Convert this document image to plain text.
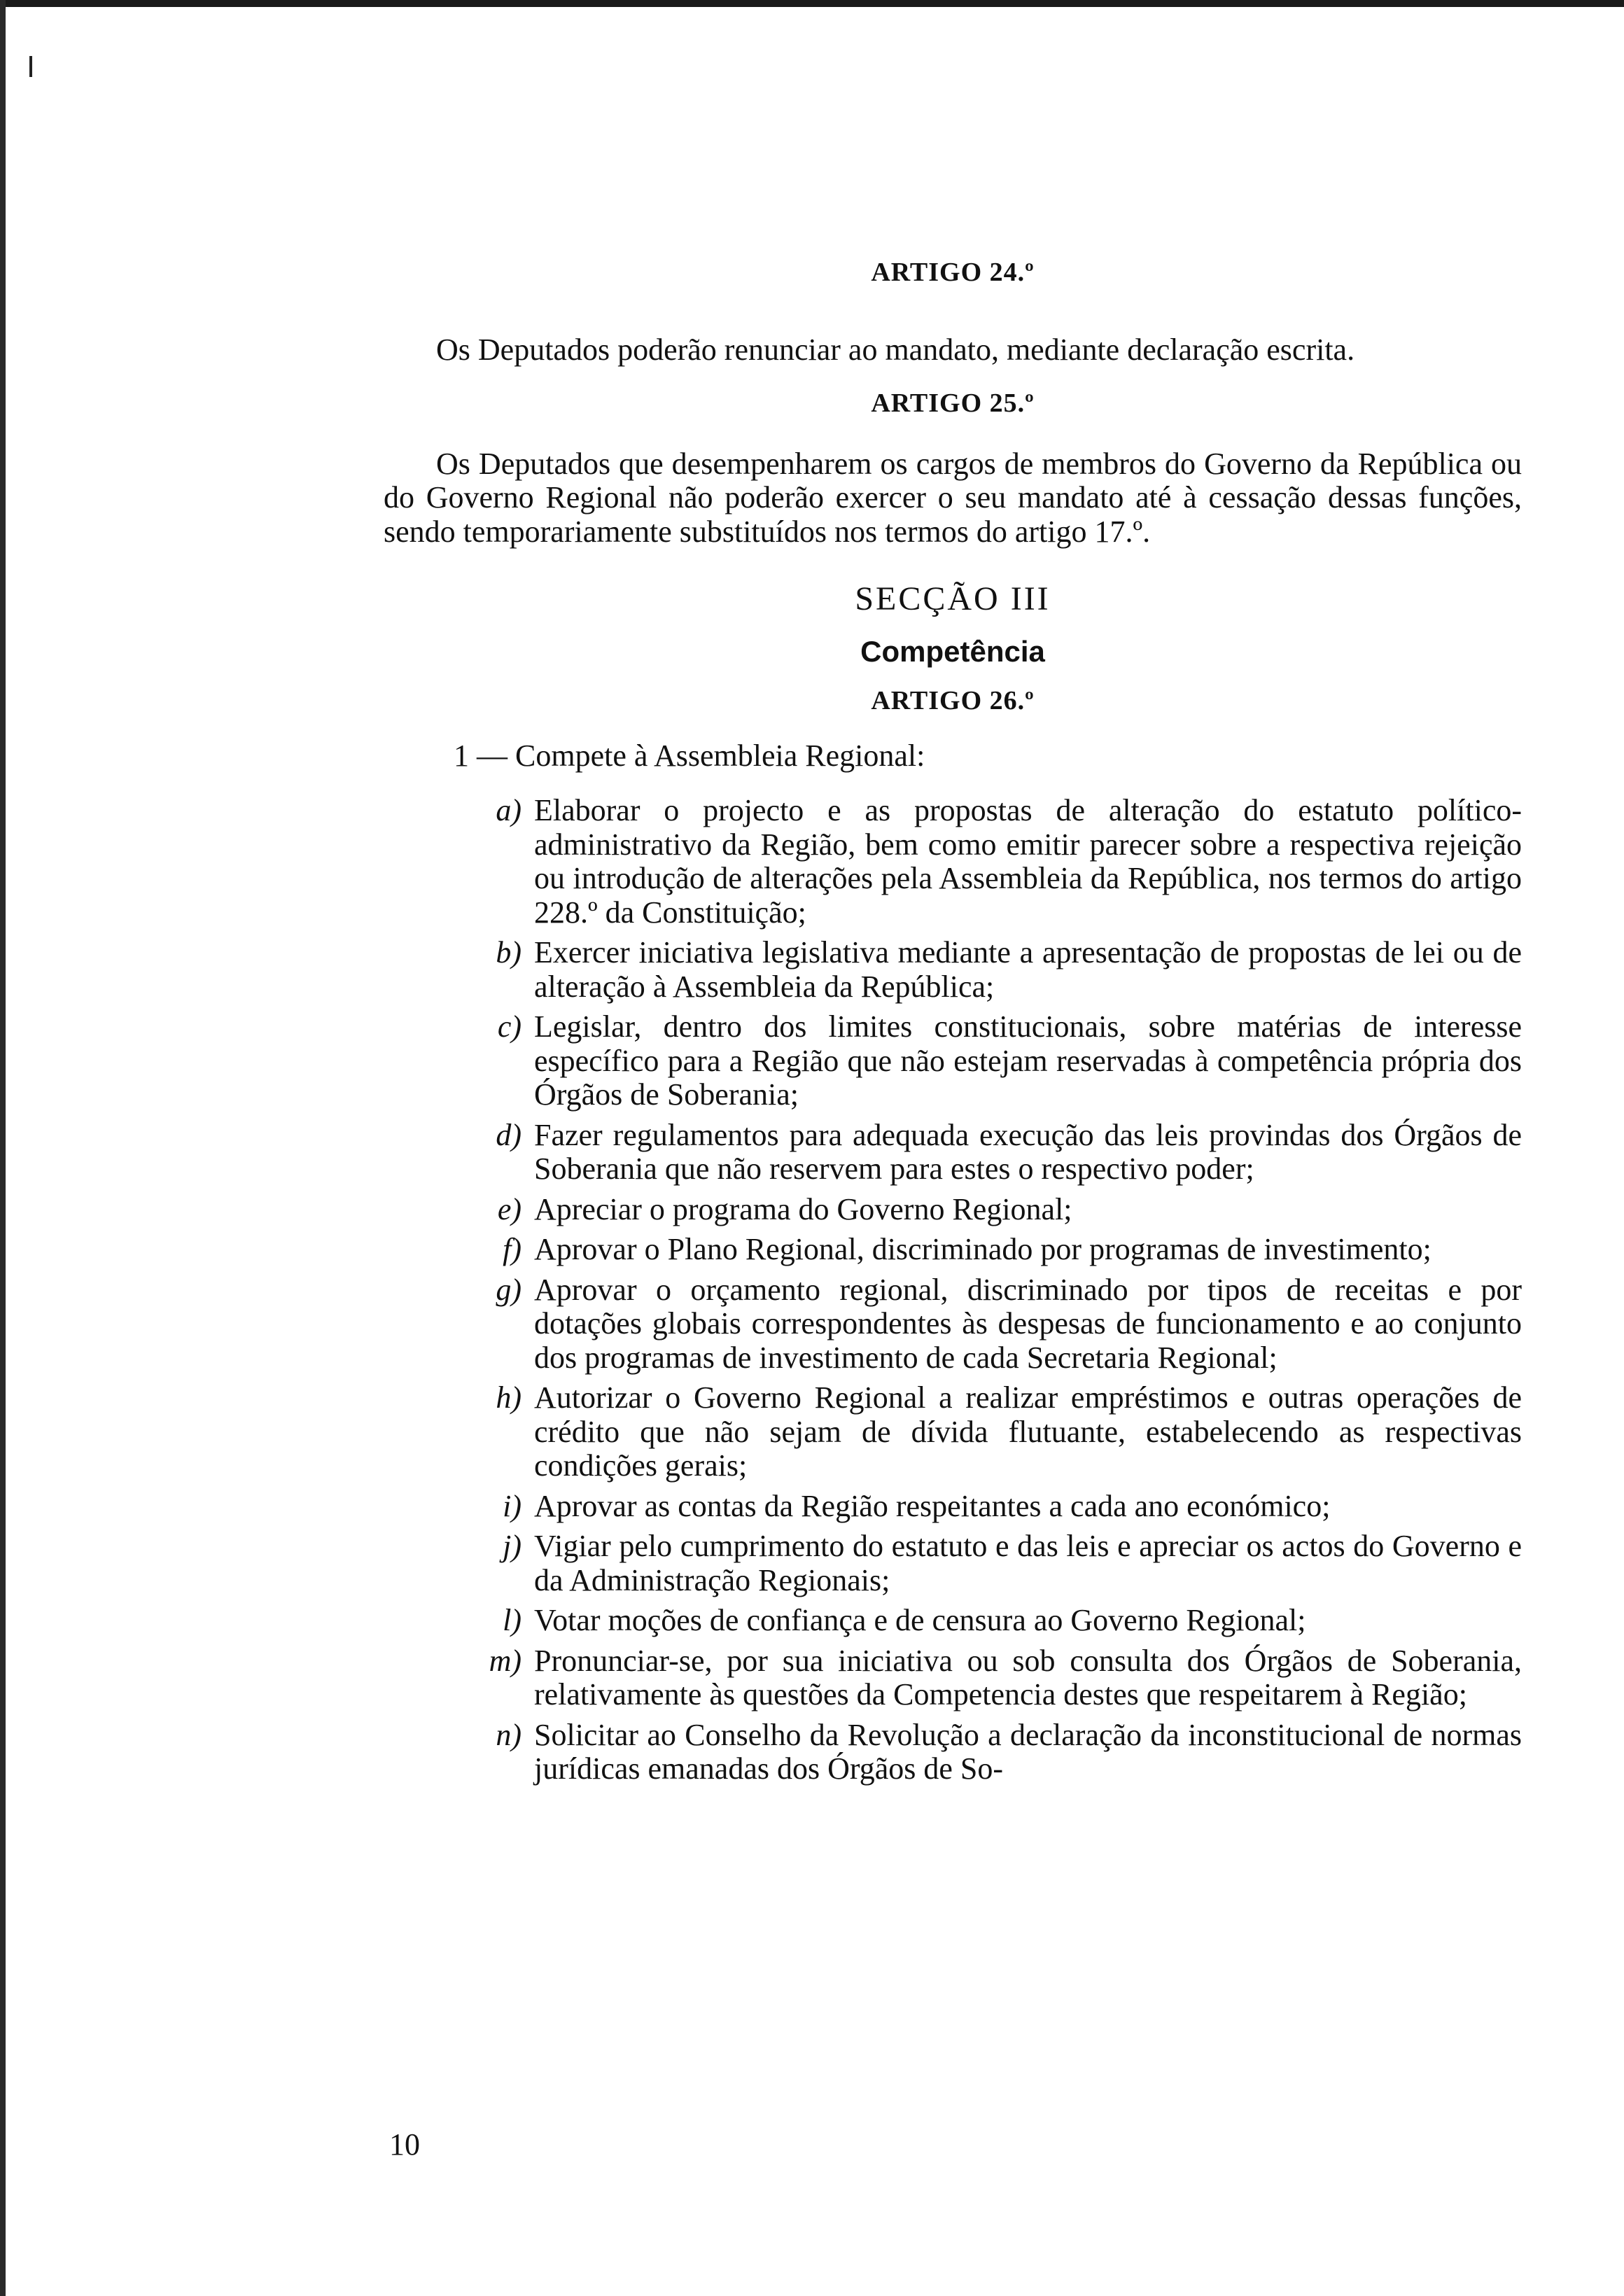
ARTIGO 24.º

Os Deputados poderão renunciar ao mandato, mediante declaração escrita.

ARTIGO 25.º

Os Deputados que desempenharem os cargos de membros do Governo da República ou do Governo Regional não poderão exercer o seu mandato até à cessação dessas funções, sendo temporariamente substituídos nos termos do artigo 17.º.

SECÇÃO III

Competência

ARTIGO 26.º

1 — Compete à Assembleia Regional:

a) Elaborar o projecto e as propostas de alteração do estatuto político-administrativo da Região, bem como emitir parecer sobre a respectiva rejeição ou introdução de alterações pela Assembleia da República, nos termos do artigo 228.º da Constituição;
b) Exercer iniciativa legislativa mediante a apresentação de propostas de lei ou de alteração à Assembleia da República;
c) Legislar, dentro dos limites constitucionais, sobre matérias de interesse específico para a Região que não estejam reservadas à competência própria dos Órgãos de Soberania;
d) Fazer regulamentos para adequada execução das leis provindas dos Órgãos de Soberania que não reservem para estes o respectivo poder;
e) Apreciar o programa do Governo Regional;
f) Aprovar o Plano Regional, discriminado por programas de investimento;
g) Aprovar o orçamento regional, discriminado por tipos de receitas e por dotações globais correspondentes às despesas de funcionamento e ao conjunto dos programas de investimento de cada Secretaria Regional;
h) Autorizar o Governo Regional a realizar empréstimos e outras operações de crédito que não sejam de dívida flutuante, estabelecendo as respectivas condições gerais;
i) Aprovar as contas da Região respeitantes a cada ano económico;
j) Vigiar pelo cumprimento do estatuto e das leis e apreciar os actos do Governo e da Administração Regionais;
l) Votar moções de confiança e de censura ao Governo Regional;
m) Pronunciar-se, por sua iniciativa ou sob consulta dos Órgãos de Soberania, relativamente às questões da Competencia destes que respeitarem à Região;
n) Solicitar ao Conselho da Revolução a declaração da inconstitucional de normas jurídicas emanadas dos Órgãos de So-
10
